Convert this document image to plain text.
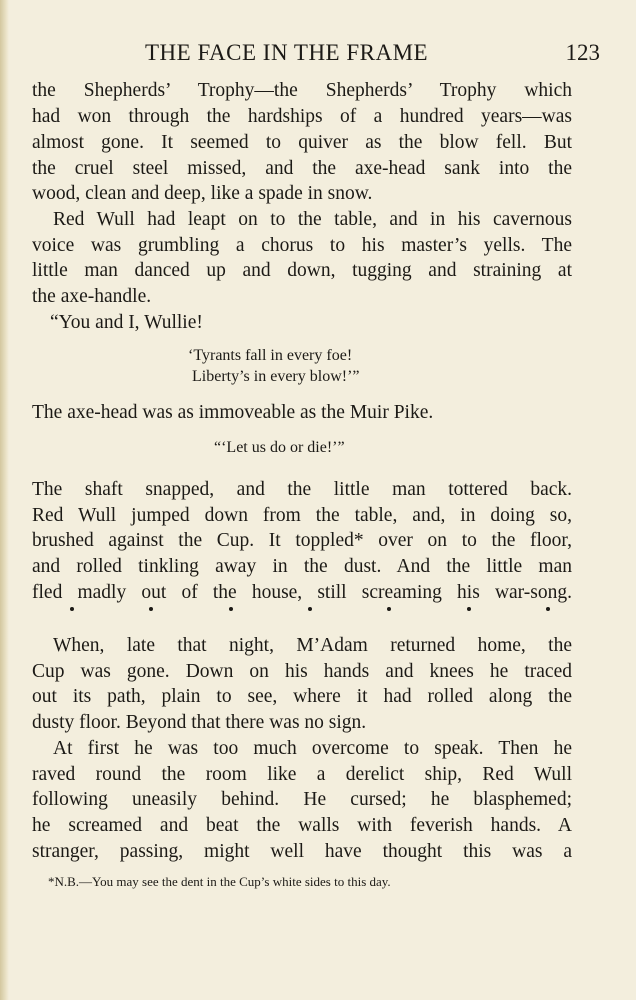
THE FACE IN THE FRAME	123

the Shepherds’ Trophy—the Shepherds’ Trophy which

had won through the hardships of a hundred years—was

almost gone. It seemed to quiver as the blow fell. But

the cruel steel missed, and the axe-head sank into the

wood, clean and deep, like a spade in snow.

Red Wull had leapt on to the table, and in his cavernous

voice was grumbling a chorus to his master’s yells. The

little man danced up and down, tugging and straining at

the axe-handle.

“You and I, Wullie!

‘Tyrants fall in every foe!

Liberty’s in every blow!’”

The axe-head was as immoveable as the Muir Pike.

“‘Let us do or die!’”

The shaft snapped, and the little man tottered back.

Red Wull jumped down from the table, and, in doing so,

brushed against the Cup. It toppled* over on to the floor,

and rolled tinkling away in the dust. And the little man

fled madly out of the house, still screaming his war-song.

When, late that night, M’Adam returned home, the

Cup was gone. Down on his hands and knees he traced

out its path, plain to see, where it had rolled along the

dusty floor. Beyond that there was no sign.

At first he was too much overcome to speak. Then he

raved round the room like a derelict ship, Red Wull

following uneasily behind. He cursed; he blasphemed;

he screamed and beat the walls with feverish hands. A

stranger, passing, might well have thought this was a

*N.B.—You may see the dent in the Cup’s white sides to this day.
